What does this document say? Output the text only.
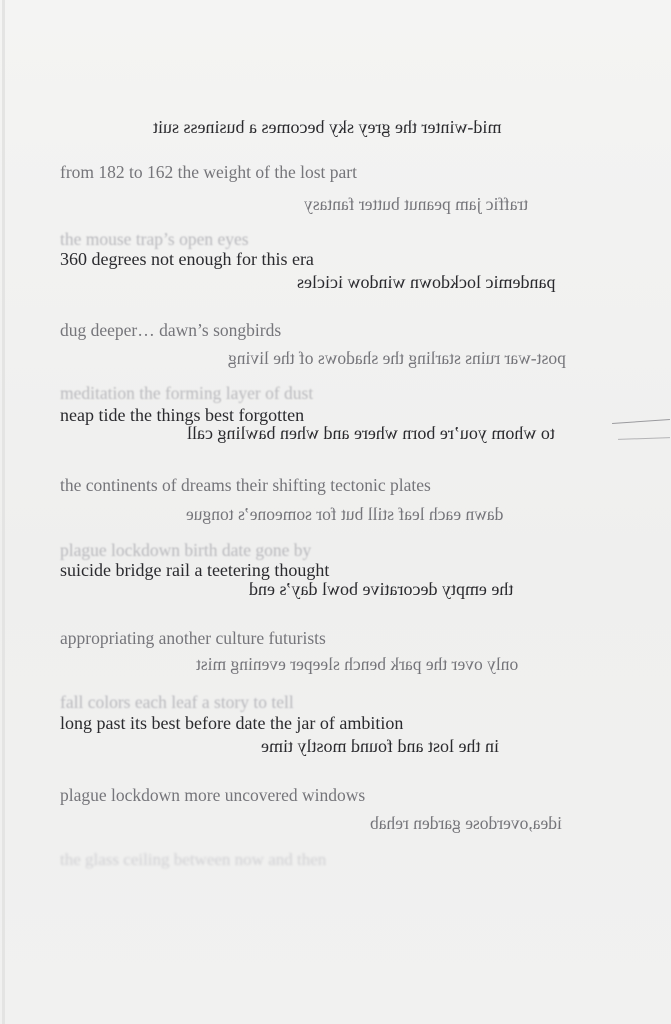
the mouse trap’s open eyes
meditation the forming layer of dust
plague lockdown birth date gone by
fall colors each leaf a story to tell
the glass ceiling between now and then
mid-winter the grey sky becomes a business suit
from 182 to 162 the weight of the lost part
traffic jam peanut butter fantasy
360 degrees not enough for this era
pandemic lockdown window icicles
dug deeper… dawn’s songbirds
post-war ruins starling the shadows of the living
neap tide the things best forgotten
to whom you’re born where and when bawling call
the continents of dreams their shifting tectonic plates
dawn each leaf still but for someone’s tongue
suicide bridge rail a teetering thought
the empty decorative bowl day’s end
appropriating another culture futurists
only over the park bench sleeper evening mist
long past its best before date the jar of ambition
in the lost and found mostly time
plague lockdown more uncovered windows
idea,overdose garden rehab
